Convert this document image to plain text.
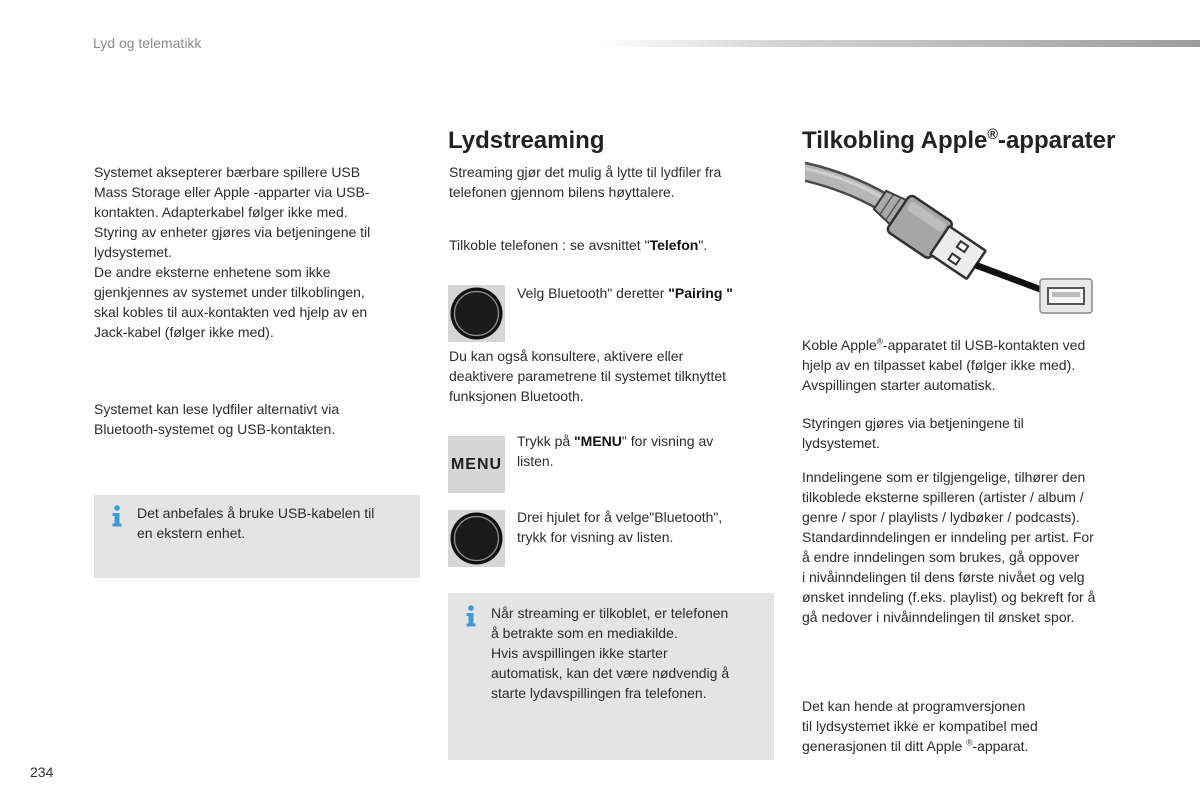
Lyd og telematikk
Systemet aksepterer bærbare spillere USB
Mass Storage eller Apple -apparter via USB-
kontakten. Adapterkabel følger ikke med.
Styring av enheter gjøres via betjeningene til
lydsystemet.
De andre eksterne enhetene som ikke
gjenkjennes av systemet under tilkoblingen,
skal kobles til aux-kontakten ved hjelp av en
Jack-kabel (følger ikke med).
Systemet kan lese lydfiler alternativt via
Bluetooth-systemet og USB-kontakten.
Det anbefales å bruke USB-kabelen til
en ekstern enhet.
Lydstreaming
Streaming gjør det mulig å lytte til lydfiler fra
telefonen gjennom bilens høyttalere.
Tilkoble telefonen : se avsnittet "Telefon".
Velg Bluetooth" deretter "Pairing "
Du kan også konsultere, aktivere eller
deaktivere parametrene til systemet tilknyttet
funksjonen Bluetooth.
MENU
Trykk på "MENU" for visning av
listen.
Drei hjulet for å velge"Bluetooth",
trykk for visning av listen.
Når streaming er tilkoblet, er telefonen
å betrakte som en mediakilde.
Hvis avspillingen ikke starter
automatisk, kan det være nødvendig å
starte lydavspillingen fra telefonen.
Tilkobling Apple®-apparater
Koble Apple®-apparatet til USB-kontakten ved
hjelp av en tilpasset kabel (følger ikke med).
Avspillingen starter automatisk.
Styringen gjøres via betjeningene til
lydsystemet.
Inndelingene som er tilgjengelige, tilhører den
tilkoblede eksterne spilleren (artister / album /
genre / spor / playlists / lydbøker / podcasts).
Standardinndelingen er inndeling per artist. For
å endre inndelingen som brukes, gå oppover
i nivåinndelingen til dens første nivået og velg
ønsket inndeling (f.eks. playlist) og bekreft for å
gå nedover i nivåinndelingen til ønsket spor.
Det kan hende at programversjonen
til lydsystemet ikke er kompatibel med
generasjonen til ditt Apple ®-apparat.
234
